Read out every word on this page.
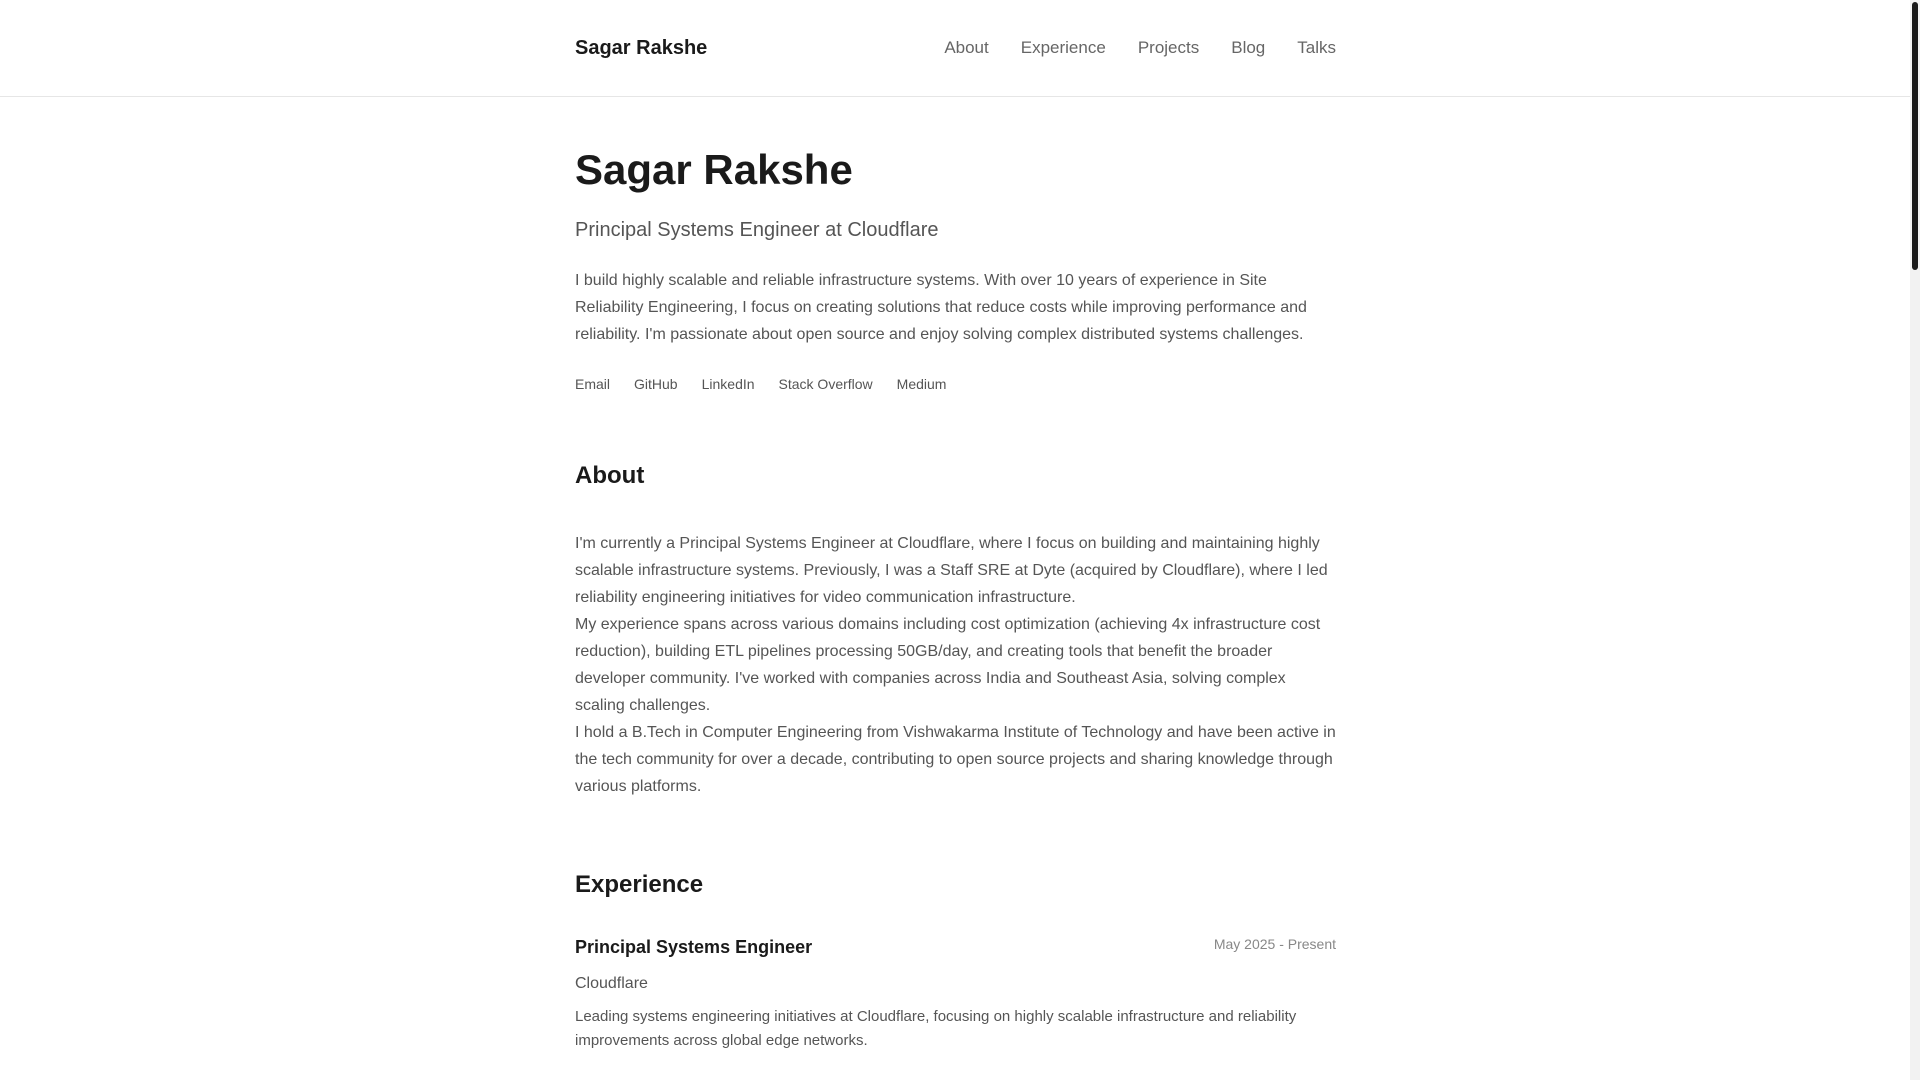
Sagar Rakshe	About Experience Projects Blog Talks
Sagar Rakshe

Principal Systems Engineer at Cloudflare

I build highly scalable and reliable infrastructure systems. With over 10 years of experience in Site Reliability Engineering, I focus on creating solutions that reduce costs while improving performance and reliability. I'm passionate about open source and enjoy solving complex distributed systems challenges.

Email GitHub LinkedIn Stack Overflow Medium
About

I'm currently a Principal Systems Engineer at Cloudflare, where I focus on building and maintaining highly scalable infrastructure systems. Previously, I was a Staff SRE at Dyte (acquired by Cloudflare), where I led reliability engineering initiatives for video communication infrastructure.

My experience spans across various domains including cost optimization (achieving 4x infrastructure cost reduction), building ETL pipelines processing 50GB/day, and creating tools that benefit the broader developer community. I've worked with companies across India and Southeast Asia, solving complex scaling challenges.

I hold a B.Tech in Computer Engineering from Vishwakarma Institute of Technology and have been active in the tech community for over a decade, contributing to open source projects and sharing knowledge through various platforms.

Experience
Principal Systems Engineer	May 2025 - Present
Cloudflare
Leading systems engineering initiatives at Cloudflare, focusing on highly scalable infrastructure and reliability improvements across global edge networks.
